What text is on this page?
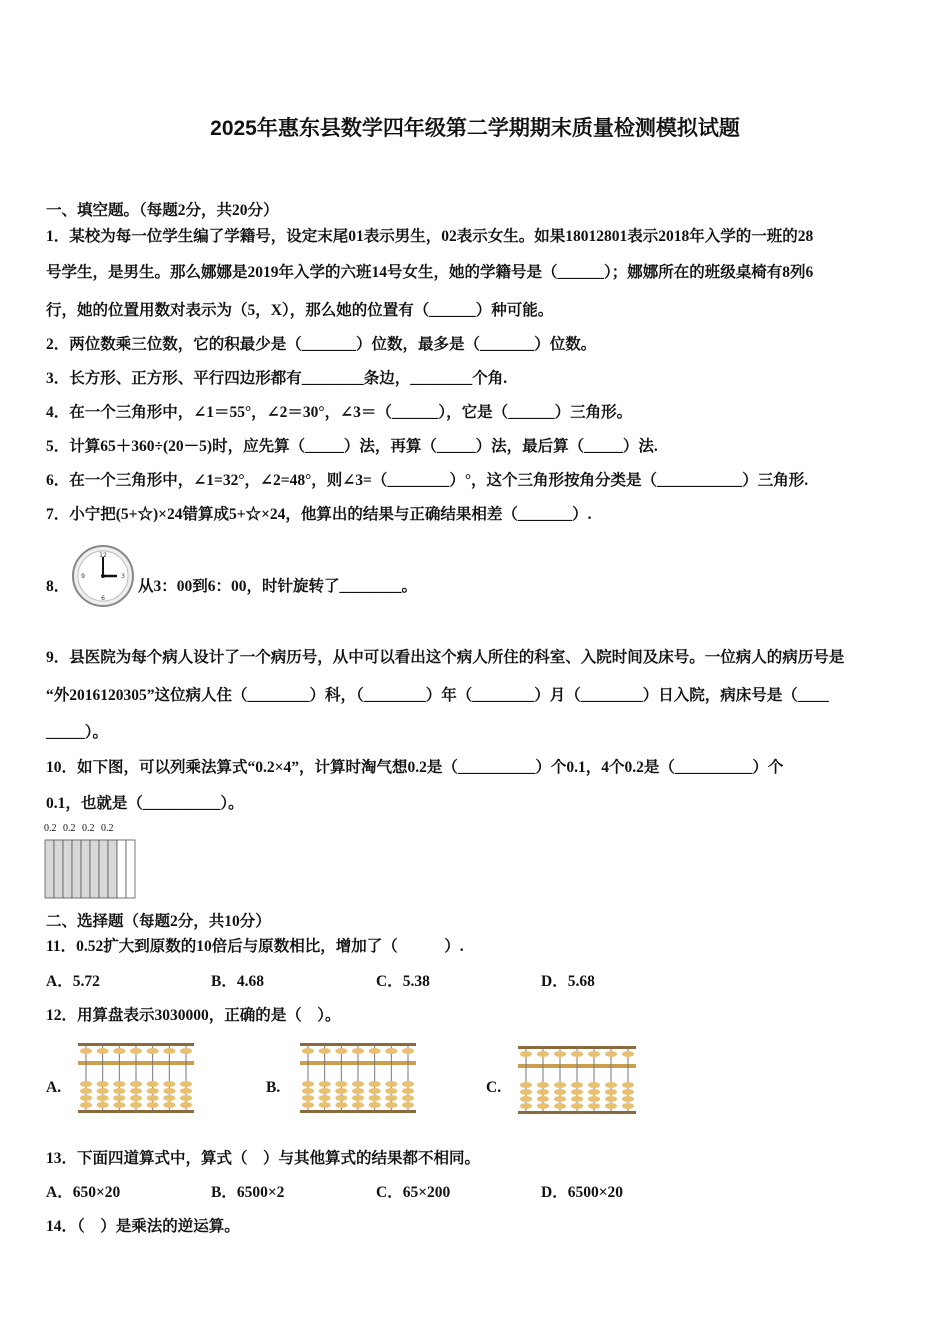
2025年惠东县数学四年级第二学期期末质量检测模拟试题
一、填空题。（每题2分，共20分）
1．某校为每一位学生编了学籍号，设定末尾01表示男生，02表示女生。如果18012801表示2018年入学的一班的28
号学生，是男生。那么娜娜是2019年入学的六班14号女生，她的学籍号是（______）；娜娜所在的班级桌椅有8列6
行，她的位置用数对表示为（5，X），那么她的位置有（______）种可能。
2．两位数乘三位数，它的积最少是（_______）位数，最多是（_______）位数。
3．长方形、正方形、平行四边形都有________条边，________个角.
4．在一个三角形中，∠1＝55°，∠2＝30°，∠3＝（______），它是（______）三角形。
5．计算65＋360÷(20－5)时，应先算（_____）法，再算（_____）法，最后算（_____）法.
6．在一个三角形中，∠1=32°，∠2=48°，则∠3=（________）°，这个三角形按角分类是（___________）三角形.
7．小宁把(5+☆)×24错算成5+☆×24，他算出的结果与正确结果相差（_______）.
8．
12
3
6
9
从3：00到6：00，时针旋转了________。
9．县医院为每个病人设计了一个病历号，从中可以看出这个病人所住的科室、入院时间及床号。一位病人的病历号是
“外2016120305”这位病人住（________）科，（________）年（________）月（________）日入院，病床号是（____
_____）。
10．如下图，可以列乘法算式“0.2×4”，计算时淘气想0.2是（__________）个0.1，4个0.2是（__________）个
0.1，也就是（__________）。
0.2 0.2 0.2 0.2
二、选择题（每题2分，共10分）
11．0.52扩大到原数的10倍后与原数相比，增加了（　　　）.
A．5.72	B．4.68	C．5.38	D．5.68
12．用算盘表示3030000，正确的是（　）。
A.	B.	C.
13．下面四道算式中，算式（　）与其他算式的结果都不相同。
A．650×20	B．6500×2	C．65×200	D．6500×20
14．（　）是乘法的逆运算。
